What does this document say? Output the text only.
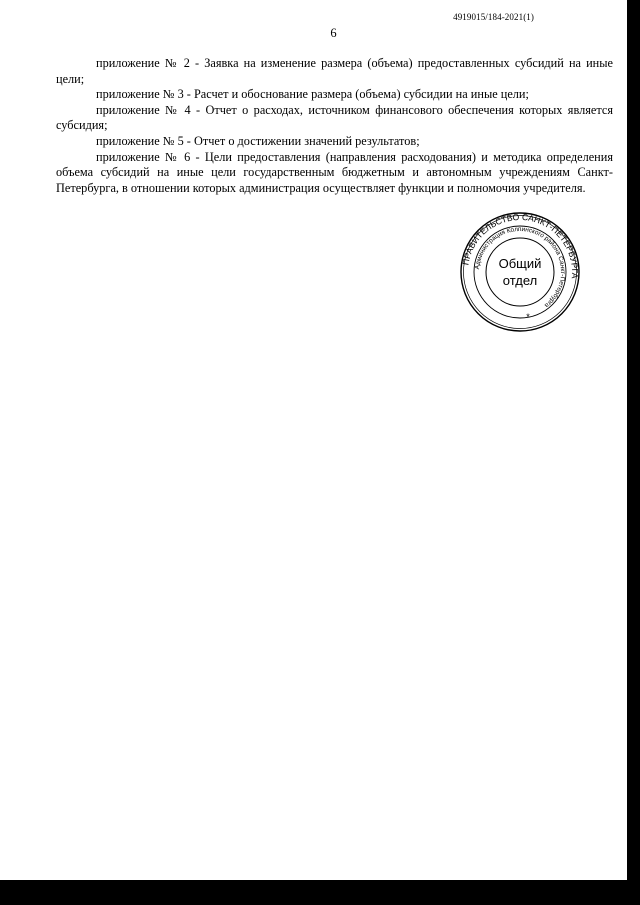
4919015/184-2021(1)
6

приложение № 2 - Заявка на изменение размера (объема) предоставленных субсидий на иные цели;

приложение № 3 - Расчет и обоснование размера (объема) субсидии на иные цели;

приложение № 4 - Отчет о расходах, источником финансового обеспечения которых является субсидия;

приложение № 5 - Отчет о достижении значений результатов;

приложение № 6 - Цели предоставления (направления расходования) и методика определения объема субсидий на иные цели государственным бюджетным и автономным учреждениям Санкт-Петербурга, в отношении которых администрация осуществляет функции и полномочия учредителя.

ПРАВИТЕЛЬСТВО САНКТ-ПЕТЕРБУРГА
Администрация Колпинского района Санкт-Петербурга
Общий
отдел
*
